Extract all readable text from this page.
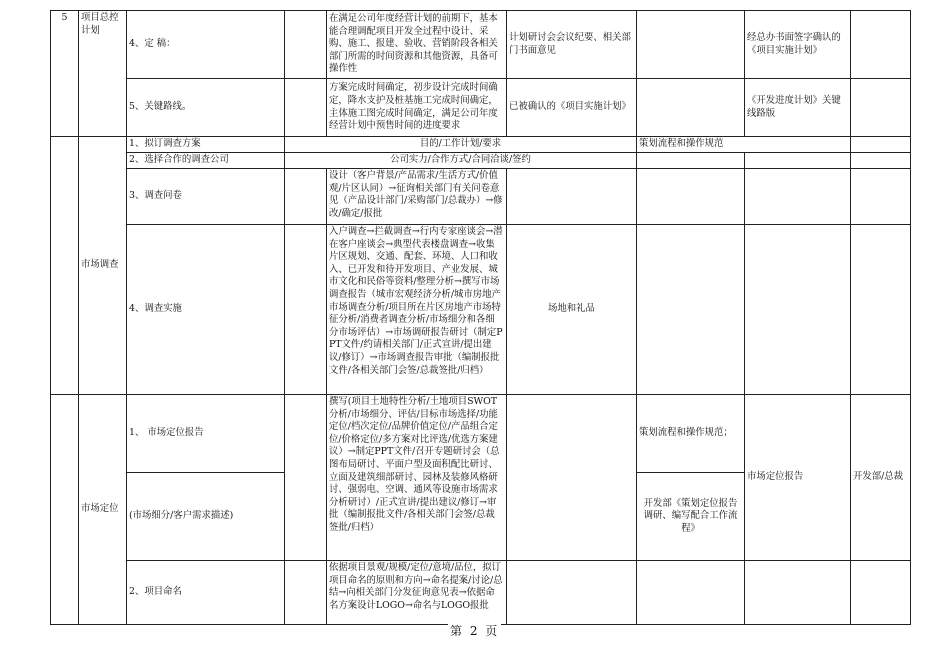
5	项目总控计划	4、定 稿：		在满足公司年度经营计划的前期下，基本能合理调配项目开发全过程中设计、采购、施工、报建、验收、营销阶段各相关部门所需的时间资源和其他资源，具备可操作性	计划研讨会会议纪要、相关部门书面意见		经总办书面签字确认的《项目实施计划》	
		5、关键路线。		方案完成时间确定，初步设计完成时间确定，降水支护及桩基施工完成时间确定，主体施工图完成时间确定，满足公司年度经营计划中预售时间的进度要求	已被确认的《项目实施计划》		《开发进度计划》关键线路版	
	市场调查	1、拟订调查方案	目的/工作计划/要求			策划流程和操作规范		
		2、选择合作的调查公司	公司实力/合作方式/合同洽谈/签约					
		3、调查问卷		设计（客户背景/产品需求/生活方式/价值观/片区认同）→征询相关部门有关问卷意见（产品设计部门/采购部门/总裁办）→修改/确定/报批				
		4、调查实施		入户调查→拦截调查→行内专家座谈会→潜在客户座谈会→典型代表楼盘调查→收集片区规划、交通、配套、环境、人口和收入、已开发和待开发项目、产业发展、城市文化和民俗等资料/整理分析→撰写市场调查报告（城市宏观经济分析/城市房地产市场调查分析/项目所在片区房地产市场特征分析/消费者调查分析/市场细分和各细分市场评估）→市场调研报告研讨（制定PPT文件/约请相关部门/正式宣讲/提出建议/修订）→市场调查报告审批（编制报批文件/各相关部门会签/总裁签批/归档）	场地和礼品			
	市场定位	1、 市场定位报告		撰写(项目土地特性分析/土地项目SWOT分析/市场细分、评估/目标市场选择/功能定位/档次定位/品牌价值定位/产品组合定位/价格定位/多方案对比评选/优选方案建议）→制定PPT文件/召开专题研讨会（总图布局研讨、平面户型及面积配比研讨、立面及建筑细部研讨、园林及装修风格研讨、强弱电、空调、通风等设施市场需求分析研讨）/正式宣讲/提出建议/修订→审批（编制报批文件/各相关部门会签/总裁签批/归档）		策划流程和操作规范；	市场定位报告	开发部/总裁
		(市场细分/客户需求描述)				开发部《策划定位报告调研、编写配合工作流程》		
		2、项目命名		依据项目景观/规模/定位/意境/品位，拟订项目命名的原则和方向→命名提案/讨论/总结→向相关部门分发征询意见表→依据命名方案设计LOGO→命名与LOGO报批				
第 2 页
